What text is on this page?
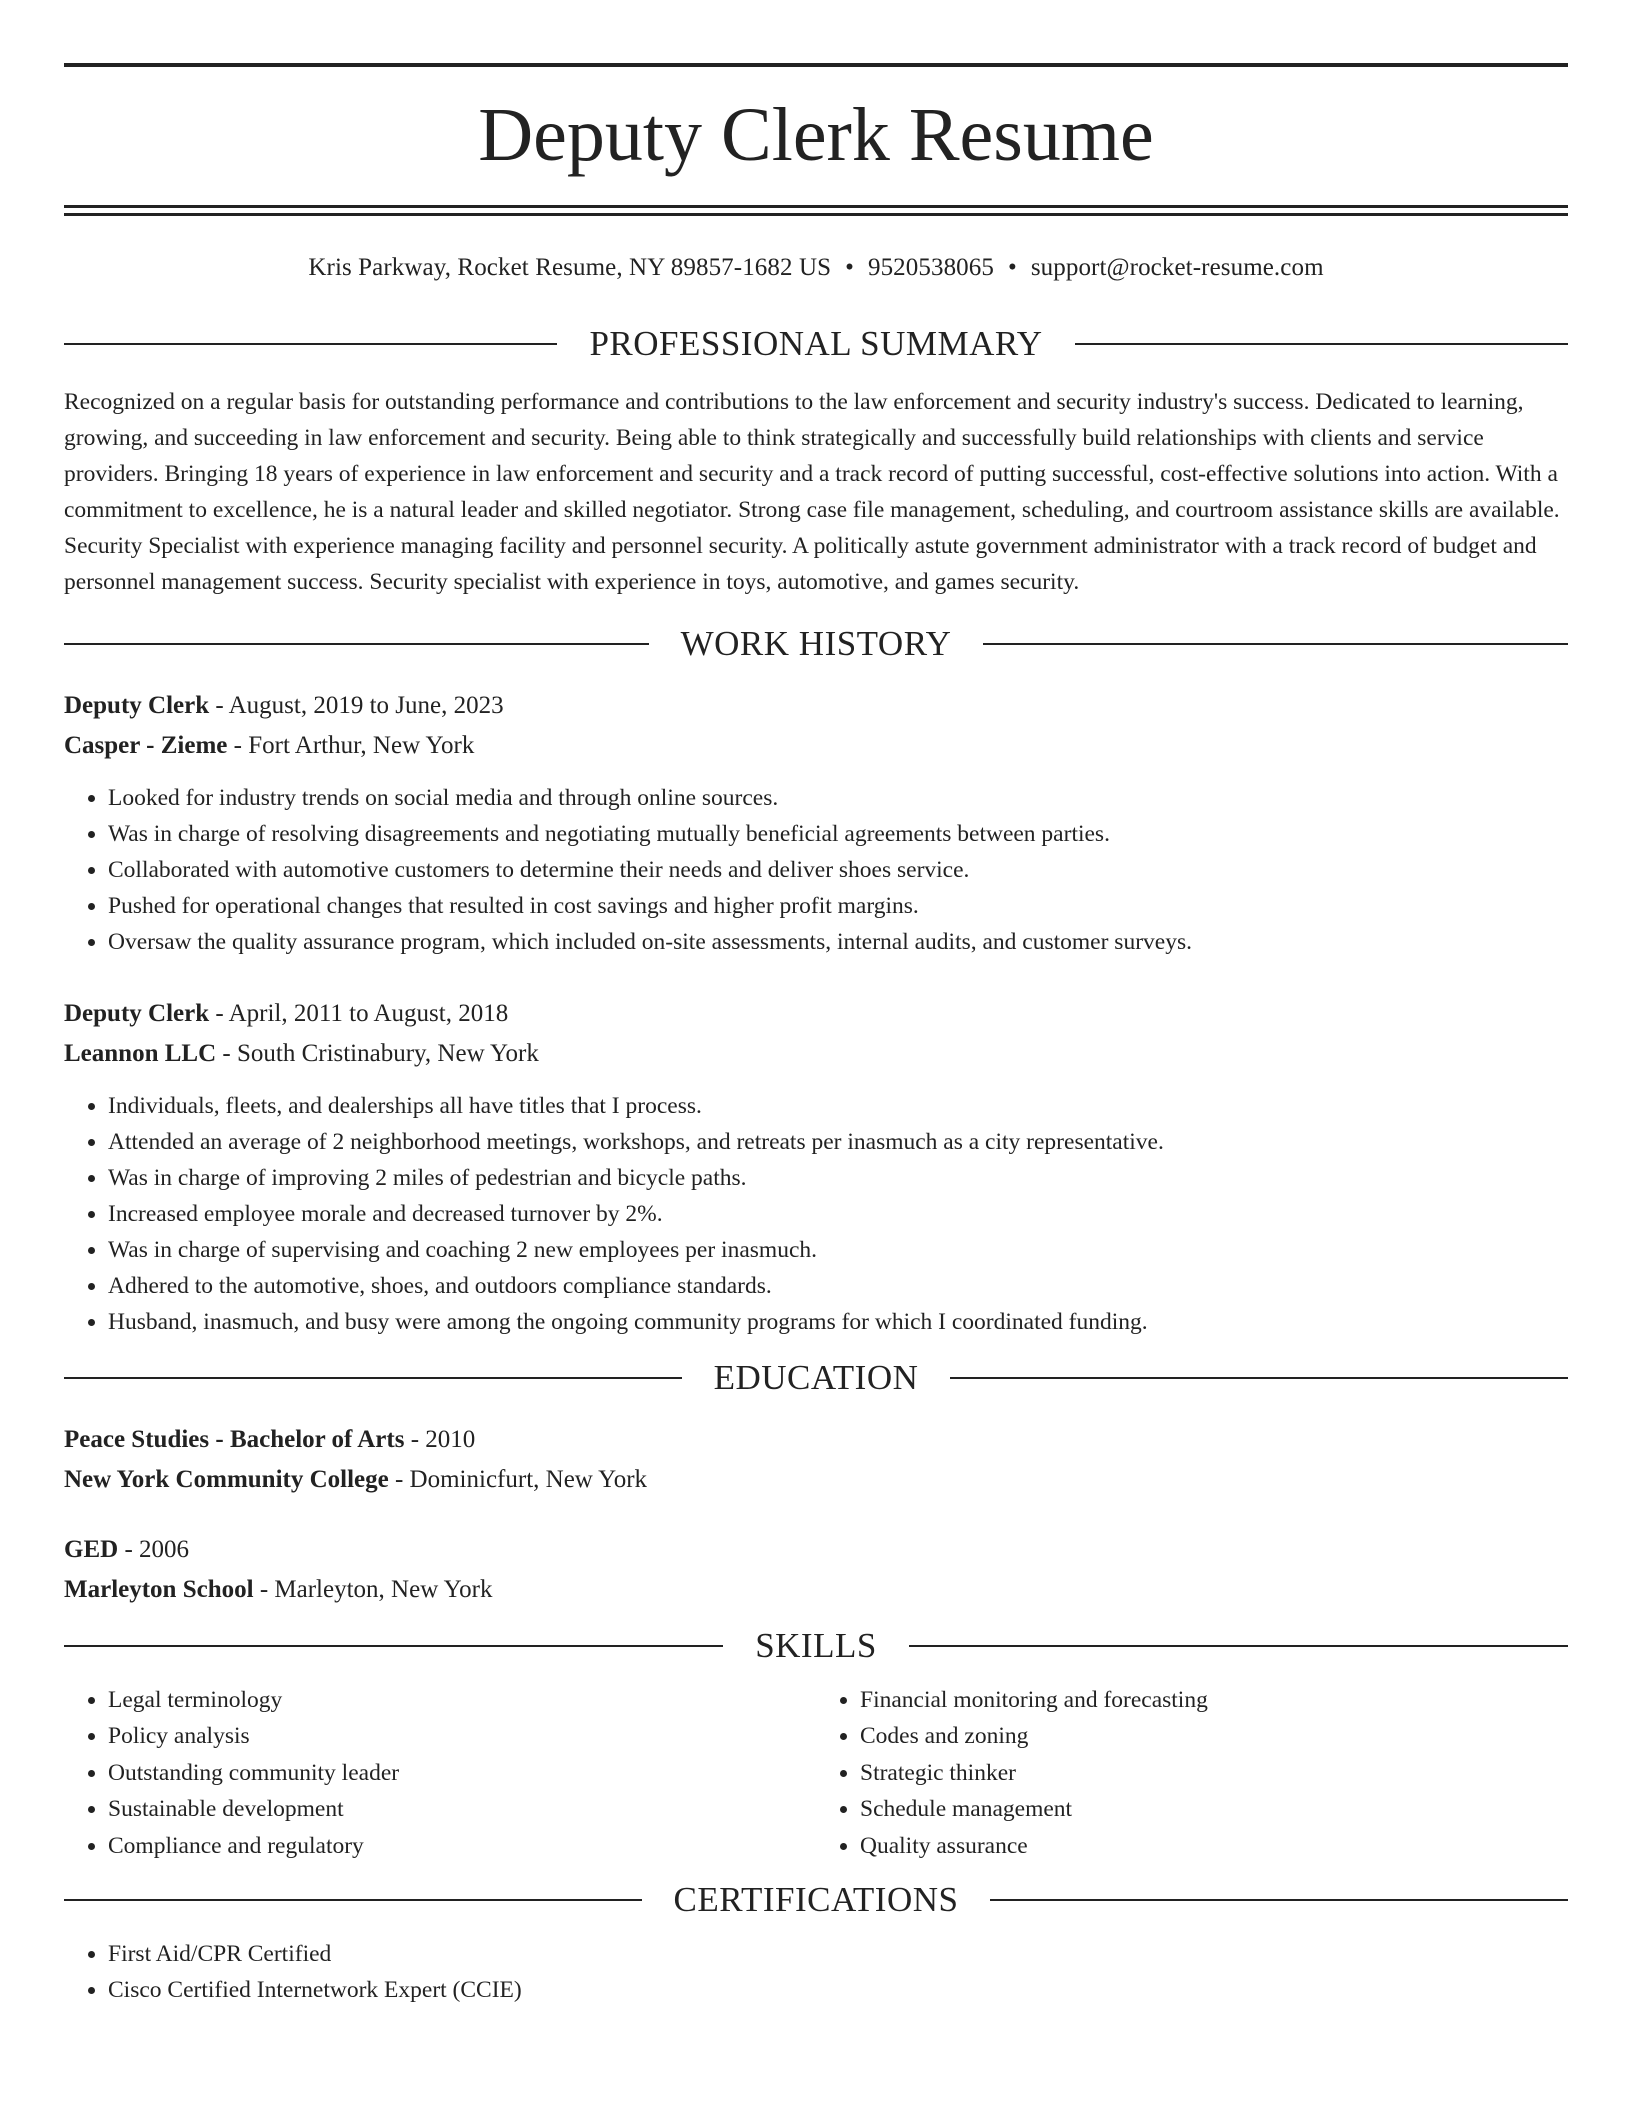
Deputy Clerk Resume
Kris Parkway, Rocket Resume, NY 89857-1682 US • 9520538065 • support@rocket-resume.com
PROFESSIONAL SUMMARY

Recognized on a regular basis for outstanding performance and contributions to the law enforcement and security industry's success. Dedicated to learning, growing, and succeeding in law enforcement and security. Being able to think strategically and successfully build relationships with clients and service providers. Bringing 18 years of experience in law enforcement and security and a track record of putting successful, cost-effective solutions into action. With a commitment to excellence, he is a natural leader and skilled negotiator. Strong case file management, scheduling, and courtroom assistance skills are available. Security Specialist with experience managing facility and personnel security. A politically astute government administrator with a track record of budget and personnel management success. Security specialist with experience in toys, automotive, and games security.

WORK HISTORY
Deputy Clerk - August, 2019 to June, 2023
Casper - Zieme - Fort Arthur, New York
• Looked for industry trends on social media and through online sources.
• Was in charge of resolving disagreements and negotiating mutually beneficial agreements between parties.
• Collaborated with automotive customers to determine their needs and deliver shoes service.
• Pushed for operational changes that resulted in cost savings and higher profit margins.
• Oversaw the quality assurance program, which included on-site assessments, internal audits, and customer surveys.
Deputy Clerk - April, 2011 to August, 2018
Leannon LLC - South Cristinabury, New York
• Individuals, fleets, and dealerships all have titles that I process.
• Attended an average of 2 neighborhood meetings, workshops, and retreats per inasmuch as a city representative.
• Was in charge of improving 2 miles of pedestrian and bicycle paths.
• Increased employee morale and decreased turnover by 2%.
• Was in charge of supervising and coaching 2 new employees per inasmuch.
• Adhered to the automotive, shoes, and outdoors compliance standards.
• Husband, inasmuch, and busy were among the ongoing community programs for which I coordinated funding.
EDUCATION
Peace Studies - Bachelor of Arts - 2010
New York Community College - Dominicfurt, New York
GED - 2006
Marleyton School - Marleyton, New York
SKILLS
• Legal terminology
• Policy analysis
• Outstanding community leader
• Sustainable development
• Compliance and regulatory
• Financial monitoring and forecasting
• Codes and zoning
• Strategic thinker
• Schedule management
• Quality assurance
CERTIFICATIONS
• First Aid/CPR Certified
• Cisco Certified Internetwork Expert (CCIE)
